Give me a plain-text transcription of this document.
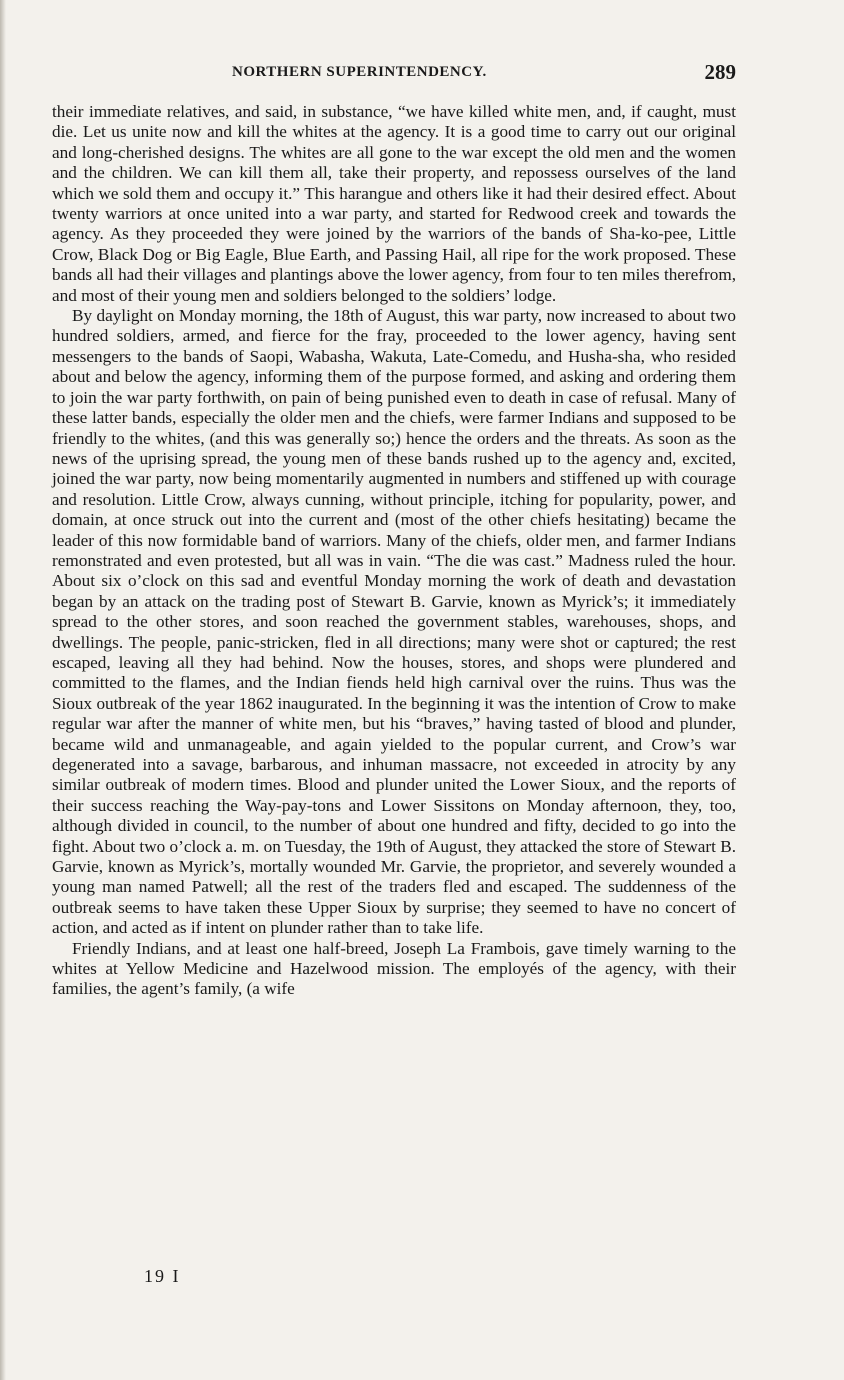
NORTHERN SUPERINTENDENCY.	289

their immediate relatives, and said, in substance, “we have killed white men, and, if caught, must die. Let us unite now and kill the whites at the agency. It is a good time to carry out our original and long-cherished designs. The whites are all gone to the war except the old men and the women and the children. We can kill them all, take their property, and repossess ourselves of the land which we sold them and occupy it.” This harangue and others like it had their desired effect. About twenty warriors at once united into a war party, and started for Redwood creek and towards the agency. As they proceeded they were joined by the warriors of the bands of Sha-ko-pee, Little Crow, Black Dog or Big Eagle, Blue Earth, and Passing Hail, all ripe for the work proposed. These bands all had their villages and plantings above the lower agency, from four to ten miles therefrom, and most of their young men and soldiers belonged to the soldiers’ lodge.

By daylight on Monday morning, the 18th of August, this war party, now increased to about two hundred soldiers, armed, and fierce for the fray, proceeded to the lower agency, having sent messengers to the bands of Saopi, Wabasha, Wakuta, Late-Comedu, and Husha-sha, who resided about and below the agency, informing them of the purpose formed, and asking and ordering them to join the war party forthwith, on pain of being punished even to death in case of refusal. Many of these latter bands, especially the older men and the chiefs, were farmer Indians and supposed to be friendly to the whites, (and this was generally so;) hence the orders and the threats. As soon as the news of the uprising spread, the young men of these bands rushed up to the agency and, excited, joined the war party, now being momentarily augmented in numbers and stiffened up with courage and resolution. Little Crow, always cunning, without principle, itching for popularity, power, and domain, at once struck out into the current and (most of the other chiefs hesitating) became the leader of this now formidable band of warriors. Many of the chiefs, older men, and farmer Indians remonstrated and even protested, but all was in vain. “The die was cast.” Madness ruled the hour. About six o’clock on this sad and eventful Monday morning the work of death and devastation began by an attack on the trading post of Stewart B. Garvie, known as Myrick’s; it immediately spread to the other stores, and soon reached the government stables, warehouses, shops, and dwellings. The people, panic-stricken, fled in all directions; many were shot or captured; the rest escaped, leaving all they had behind. Now the houses, stores, and shops were plundered and committed to the flames, and the Indian fiends held high carnival over the ruins. Thus was the Sioux outbreak of the year 1862 inaugurated. In the beginning it was the intention of Crow to make regular war after the manner of white men, but his “braves,” having tasted of blood and plunder, became wild and unmanageable, and again yielded to the popular current, and Crow’s war degenerated into a savage, barbarous, and inhuman massacre, not exceeded in atrocity by any similar outbreak of modern times. Blood and plunder united the Lower Sioux, and the reports of their success reaching the Way-pay-tons and Lower Sissitons on Monday afternoon, they, too, although divided in council, to the number of about one hundred and fifty, decided to go into the fight. About two o’clock a. m. on Tuesday, the 19th of August, they attacked the store of Stewart B. Garvie, known as Myrick’s, mortally wounded Mr. Garvie, the proprietor, and severely wounded a young man named Patwell; all the rest of the traders fled and escaped. The suddenness of the outbreak seems to have taken these Upper Sioux by surprise; they seemed to have no concert of action, and acted as if intent on plunder rather than to take life.

Friendly Indians, and at least one half-breed, Joseph La Frambois, gave timely warning to the whites at Yellow Medicine and Hazelwood mission. The employés of the agency, with their families, the agent’s family, (a wife

19 I
